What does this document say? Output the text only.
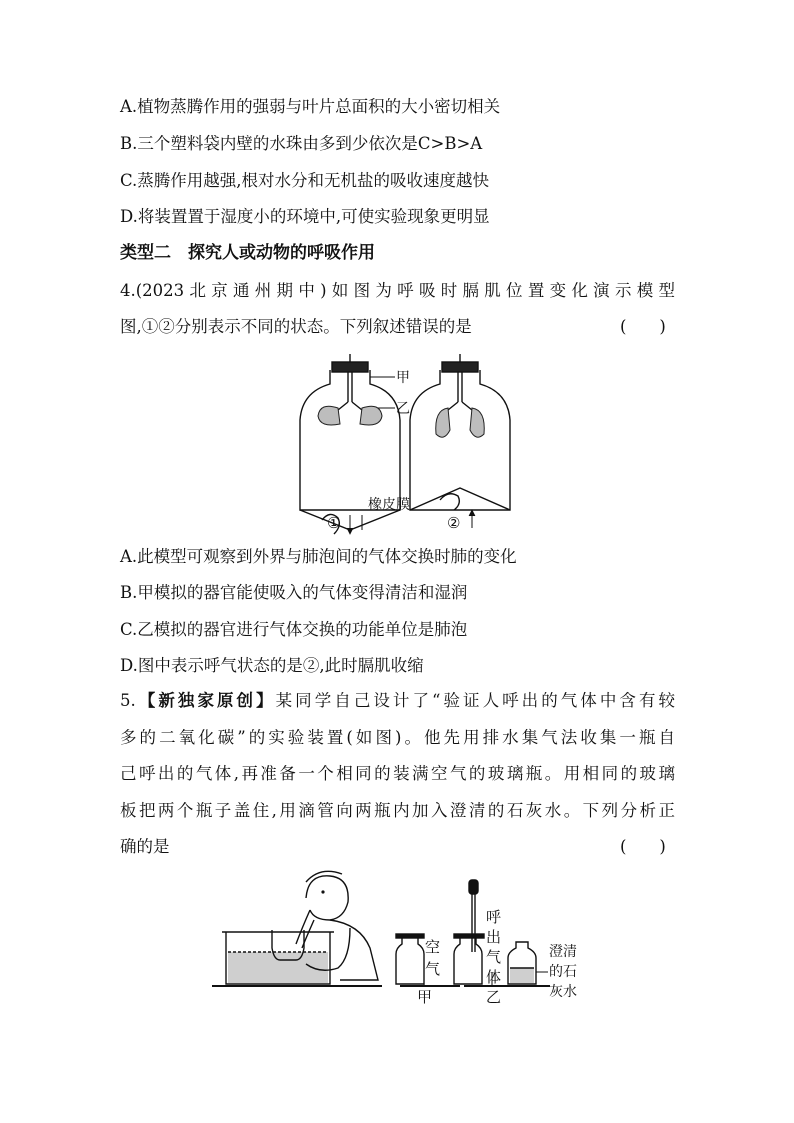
A.植物蒸腾作用的强弱与叶片总面积的大小密切相关
B.三个塑料袋内壁的水珠由多到少依次是C>B>A
C.蒸腾作用越强,根对水分和无机盐的吸收速度越快
D.将装置置于湿度小的环境中,可使实验现象更明显
类型二　探究人或动物的呼吸作用
4.(2023北京通州期中)如图为呼吸时膈肌位置变化演示模型
图,①②分别表示不同的状态。下列叙述错误的是	(　　)
甲
乙
橡皮膜
①	②
A.此模型可观察到外界与肺泡间的气体交换时肺的变化
B.甲模拟的器官能使吸入的气体变得清洁和湿润
C.乙模拟的器官进行气体交换的功能单位是肺泡
D.图中表示呼气状态的是②,此时膈肌收缩
5.【新独家原创】某同学自己设计了“验证人呼出的气体中含有较
多的二氧化碳”的实验装置(如图)。他先用排水集气法收集一瓶自
己呼出的气体,再准备一个相同的装满空气的玻璃瓶。用相同的玻璃
板把两个瓶子盖住,用滴管向两瓶内加入澄清的石灰水。下列分析正
确的是	(　　)
空
气
甲
呼
出
气
体
乙
澄清
的石
灰水
